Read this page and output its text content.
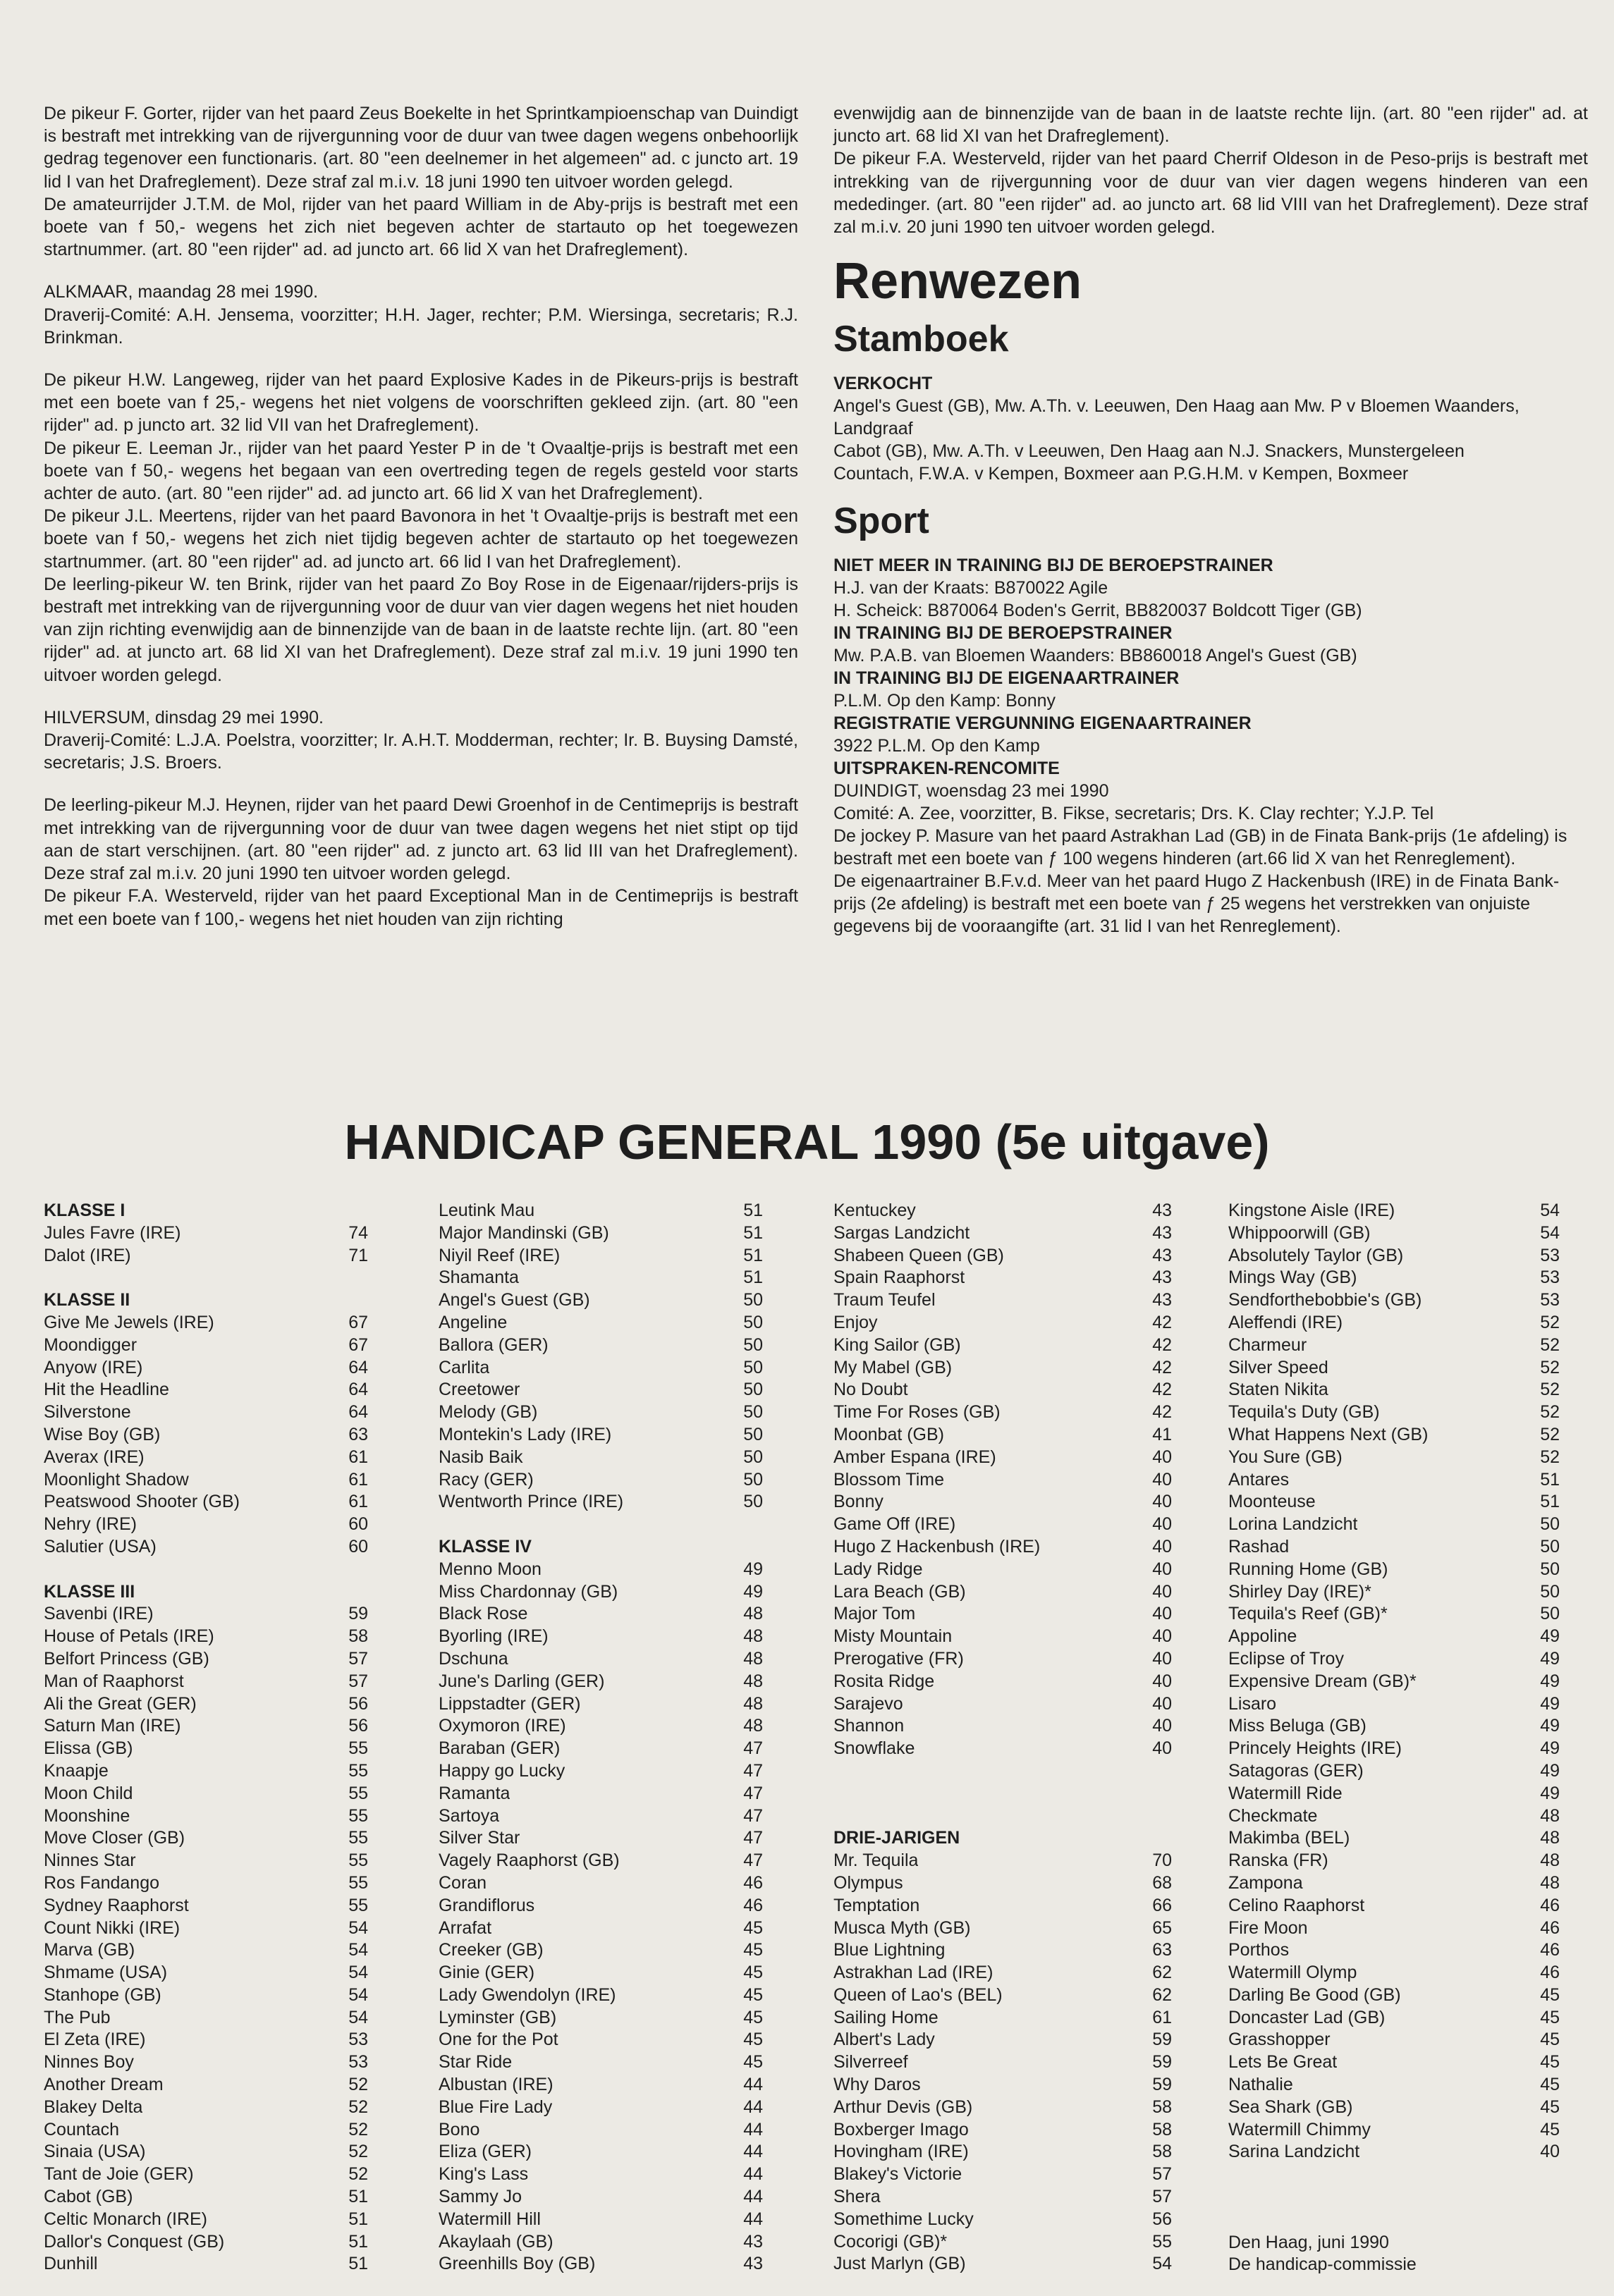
De pikeur F. Gorter, rijder van het paard Zeus Boekelte in het Sprintkampioenschap van Duindigt is bestraft met intrekking van de rijvergunning voor de duur van twee dagen wegens onbehoorlijk gedrag tegenover een functionaris. (art. 80 "een deelnemer in het algemeen" ad. c juncto art. 19 lid I van het Drafreglement). Deze straf zal m.i.v. 18 juni 1990 ten uitvoer worden gelegd.

De amateurrijder J.T.M. de Mol, rijder van het paard William in de Aby-prijs is bestraft met een boete van f 50,- wegens het zich niet begeven achter de startauto op het toegewezen startnummer. (art. 80 "een rijder" ad. ad juncto art. 66 lid X van het Drafreglement).

ALKMAAR, maandag 28 mei 1990.

Draverij-Comité: A.H. Jensema, voorzitter; H.H. Jager, rechter; P.M. Wiersinga, secretaris; R.J. Brinkman.

De pikeur H.W. Langeweg, rijder van het paard Explosive Kades in de Pikeurs-prijs is bestraft met een boete van f 25,- wegens het niet volgens de voorschriften gekleed zijn. (art. 80 "een rijder" ad. p juncto art. 32 lid VII van het Drafreglement).

De pikeur E. Leeman Jr., rijder van het paard Yester P in de 't Ovaaltje-prijs is bestraft met een boete van f 50,- wegens het begaan van een overtreding tegen de regels gesteld voor starts achter de auto. (art. 80 "een rijder" ad. ad juncto art. 66 lid X van het Drafreglement).

De pikeur J.L. Meertens, rijder van het paard Bavonora in het 't Ovaaltje-prijs is bestraft met een boete van f 50,- wegens het zich niet tijdig begeven achter de startauto op het toegewezen startnummer. (art. 80 "een rijder" ad. ad juncto art. 66 lid I van het Drafreglement).

De leerling-pikeur W. ten Brink, rijder van het paard Zo Boy Rose in de Eigenaar/rijders-prijs is bestraft met intrekking van de rijvergunning voor de duur van vier dagen wegens het niet houden van zijn richting evenwijdig aan de binnenzijde van de baan in de laatste rechte lijn. (art. 80 "een rijder" ad. at juncto art. 68 lid XI van het Drafreglement). Deze straf zal m.i.v. 19 juni 1990 ten uitvoer worden gelegd.

HILVERSUM, dinsdag 29 mei 1990.

Draverij-Comité: L.J.A. Poelstra, voorzitter; Ir. A.H.T. Modderman, rechter; Ir. B. Buysing Damsté, secretaris; J.S. Broers.

De leerling-pikeur M.J. Heynen, rijder van het paard Dewi Groenhof in de Centimeprijs is bestraft met intrekking van de rijvergunning voor de duur van twee dagen wegens het niet stipt op tijd aan de start verschijnen. (art. 80 "een rijder" ad. z juncto art. 63 lid III van het Drafreglement). Deze straf zal m.i.v. 20 juni 1990 ten uitvoer worden gelegd.

De pikeur F.A. Westerveld, rijder van het paard Exceptional Man in de Centimeprijs is bestraft met een boete van f 100,- wegens het niet houden van zijn richting

evenwijdig aan de binnenzijde van de baan in de laatste rechte lijn. (art. 80 "een rijder" ad. at juncto art. 68 lid XI van het Drafreglement).

De pikeur F.A. Westerveld, rijder van het paard Cherrif Oldeson in de Peso-prijs is bestraft met intrekking van de rijvergunning voor de duur van vier dagen wegens hinderen van een mededinger. (art. 80 "een rijder" ad. ao juncto art. 68 lid VIII van het Drafreglement). Deze straf zal m.i.v. 20 juni 1990 ten uitvoer worden gelegd.

Renwezen
Stamboek
VERKOCHT

Angel's Guest (GB), Mw. A.Th. v. Leeuwen, Den Haag aan Mw. P v Bloemen Waanders, Landgraaf

Cabot (GB), Mw. A.Th. v Leeuwen, Den Haag aan N.J. Snackers, Munstergeleen

Countach, F.W.A. v Kempen, Boxmeer aan P.G.H.M. v Kempen, Boxmeer

Sport
NIET MEER IN TRAINING BIJ DE BEROEPSTRAINER

H.J. van der Kraats: B870022 Agile

H. Scheick: B870064 Boden's Gerrit, BB820037 Boldcott Tiger (GB)

IN TRAINING BIJ DE BEROEPSTRAINER

Mw. P.A.B. van Bloemen Waanders: BB860018 Angel's Guest (GB)

IN TRAINING BIJ DE EIGENAARTRAINER

P.L.M. Op den Kamp: Bonny

REGISTRATIE VERGUNNING EIGENAARTRAINER

3922 P.L.M. Op den Kamp

UITSPRAKEN-RENCOMITE

DUINDIGT, woensdag 23 mei 1990

Comité: A. Zee, voorzitter, B. Fikse, secretaris; Drs. K. Clay rechter; Y.J.P. Tel

De jockey P. Masure van het paard Astrakhan Lad (GB) in de Finata Bank-prijs (1e afdeling) is bestraft met een boete van ƒ 100 wegens hinderen (art.66 lid X van het Renreglement).

De eigenaartrainer B.F.v.d. Meer van het paard Hugo Z Hackenbush (IRE) in de Finata Bank-prijs (2e afdeling) is bestraft met een boete van ƒ 25 wegens het verstrekken van onjuiste gegevens bij de vooraangifte (art. 31 lid I van het Renreglement).

HANDICAP GENERAL 1990 (5e uitgave)
KLASSE I
Jules Favre (IRE)	74
Dalot (IRE)	71
KLASSE II
Give Me Jewels (IRE)	67
Moondigger	67
Anyow (IRE)	64
Hit the Headline	64
Silverstone	64
Wise Boy (GB)	63
Averax (IRE)	61
Moonlight Shadow	61
Peatswood Shooter (GB)	61
Nehry (IRE)	60
Salutier (USA)	60
KLASSE III
Savenbi (IRE)	59
House of Petals (IRE)	58
Belfort Princess (GB)	57
Man of Raaphorst	57
Ali the Great (GER)	56
Saturn Man (IRE)	56
Elissa (GB)	55
Knaapje	55
Moon Child	55
Moonshine	55
Move Closer (GB)	55
Ninnes Star	55
Ros Fandango	55
Sydney Raaphorst	55
Count Nikki (IRE)	54
Marva (GB)	54
Shmame (USA)	54
Stanhope (GB)	54
The Pub	54
El Zeta (IRE)	53
Ninnes Boy	53
Another Dream	52
Blakey Delta	52
Countach	52
Sinaia (USA)	52
Tant de Joie (GER)	52
Cabot (GB)	51
Celtic Monarch (IRE)	51
Dallor's Conquest (GB)	51
Dunhill	51
Leutink Mau	51
Major Mandinski (GB)	51
Niyil Reef (IRE)	51
Shamanta	51
Angel's Guest (GB)	50
Angeline	50
Ballora (GER)	50
Carlita	50
Creetower	50
Melody (GB)	50
Montekin's Lady (IRE)	50
Nasib Baik	50
Racy (GER)	50
Wentworth Prince (IRE)	50
KLASSE IV
Menno Moon	49
Miss Chardonnay (GB)	49
Black Rose	48
Byorling (IRE)	48
Dschuna	48
June's Darling (GER)	48
Lippstadter (GER)	48
Oxymoron (IRE)	48
Baraban (GER)	47
Happy go Lucky	47
Ramanta	47
Sartoya	47
Silver Star	47
Vagely Raaphorst (GB)	47
Coran	46
Grandiflorus	46
Arrafat	45
Creeker (GB)	45
Ginie (GER)	45
Lady Gwendolyn (IRE)	45
Lyminster (GB)	45
One for the Pot	45
Star Ride	45
Albustan (IRE)	44
Blue Fire Lady	44
Bono	44
Eliza (GER)	44
King's Lass	44
Sammy Jo	44
Watermill Hill	44
Akaylaah (GB)	43
Greenhills Boy (GB)	43
Kentuckey	43
Sargas Landzicht	43
Shabeen Queen (GB)	43
Spain Raaphorst	43
Traum Teufel	43
Enjoy	42
King Sailor (GB)	42
My Mabel (GB)	42
No Doubt	42
Time For Roses (GB)	42
Moonbat (GB)	41
Amber Espana (IRE)	40
Blossom Time	40
Bonny	40
Game Off (IRE)	40
Hugo Z Hackenbush (IRE)	40
Lady Ridge	40
Lara Beach (GB)	40
Major Tom	40
Misty Mountain	40
Prerogative (FR)	40
Rosita Ridge	40
Sarajevo	40
Shannon	40
Snowflake	40
DRIE-JARIGEN
Mr. Tequila	70
Olympus	68
Temptation	66
Musca Myth (GB)	65
Blue Lightning	63
Astrakhan Lad (IRE)	62
Queen of Lao's (BEL)	62
Sailing Home	61
Albert's Lady	59
Silverreef	59
Why Daros	59
Arthur Devis (GB)	58
Boxberger Imago	58
Hovingham (IRE)	58
Blakey's Victorie	57
Shera	57
Somethime Lucky	56
Cocorigi (GB)*	55
Just Marlyn (GB)	54
Kingstone Aisle (IRE)	54
Whippoorwill (GB)	54
Absolutely Taylor (GB)	53
Mings Way (GB)	53
Sendforthebobbie's (GB)	53
Aleffendi (IRE)	52
Charmeur	52
Silver Speed	52
Staten Nikita	52
Tequila's Duty (GB)	52
What Happens Next (GB)	52
You Sure (GB)	52
Antares	51
Moonteuse	51
Lorina Landzicht	50
Rashad	50
Running Home (GB)	50
Shirley Day (IRE)*	50
Tequila's Reef (GB)*	50
Appoline	49
Eclipse of Troy	49
Expensive Dream (GB)*	49
Lisaro	49
Miss Beluga (GB)	49
Princely Heights (IRE)	49
Satagoras (GER)	49
Watermill Ride	49
Checkmate	48
Makimba (BEL)	48
Ranska (FR)	48
Zampona	48
Celino Raaphorst	46
Fire Moon	46
Porthos	46
Watermill Olymp	46
Darling Be Good (GB)	45
Doncaster Lad (GB)	45
Grasshopper	45
Lets Be Great	45
Nathalie	45
Sea Shark (GB)	45
Watermill Chimmy	45
Sarina Landzicht	40
Den Haag, juni 1990
De handicap-commissie
